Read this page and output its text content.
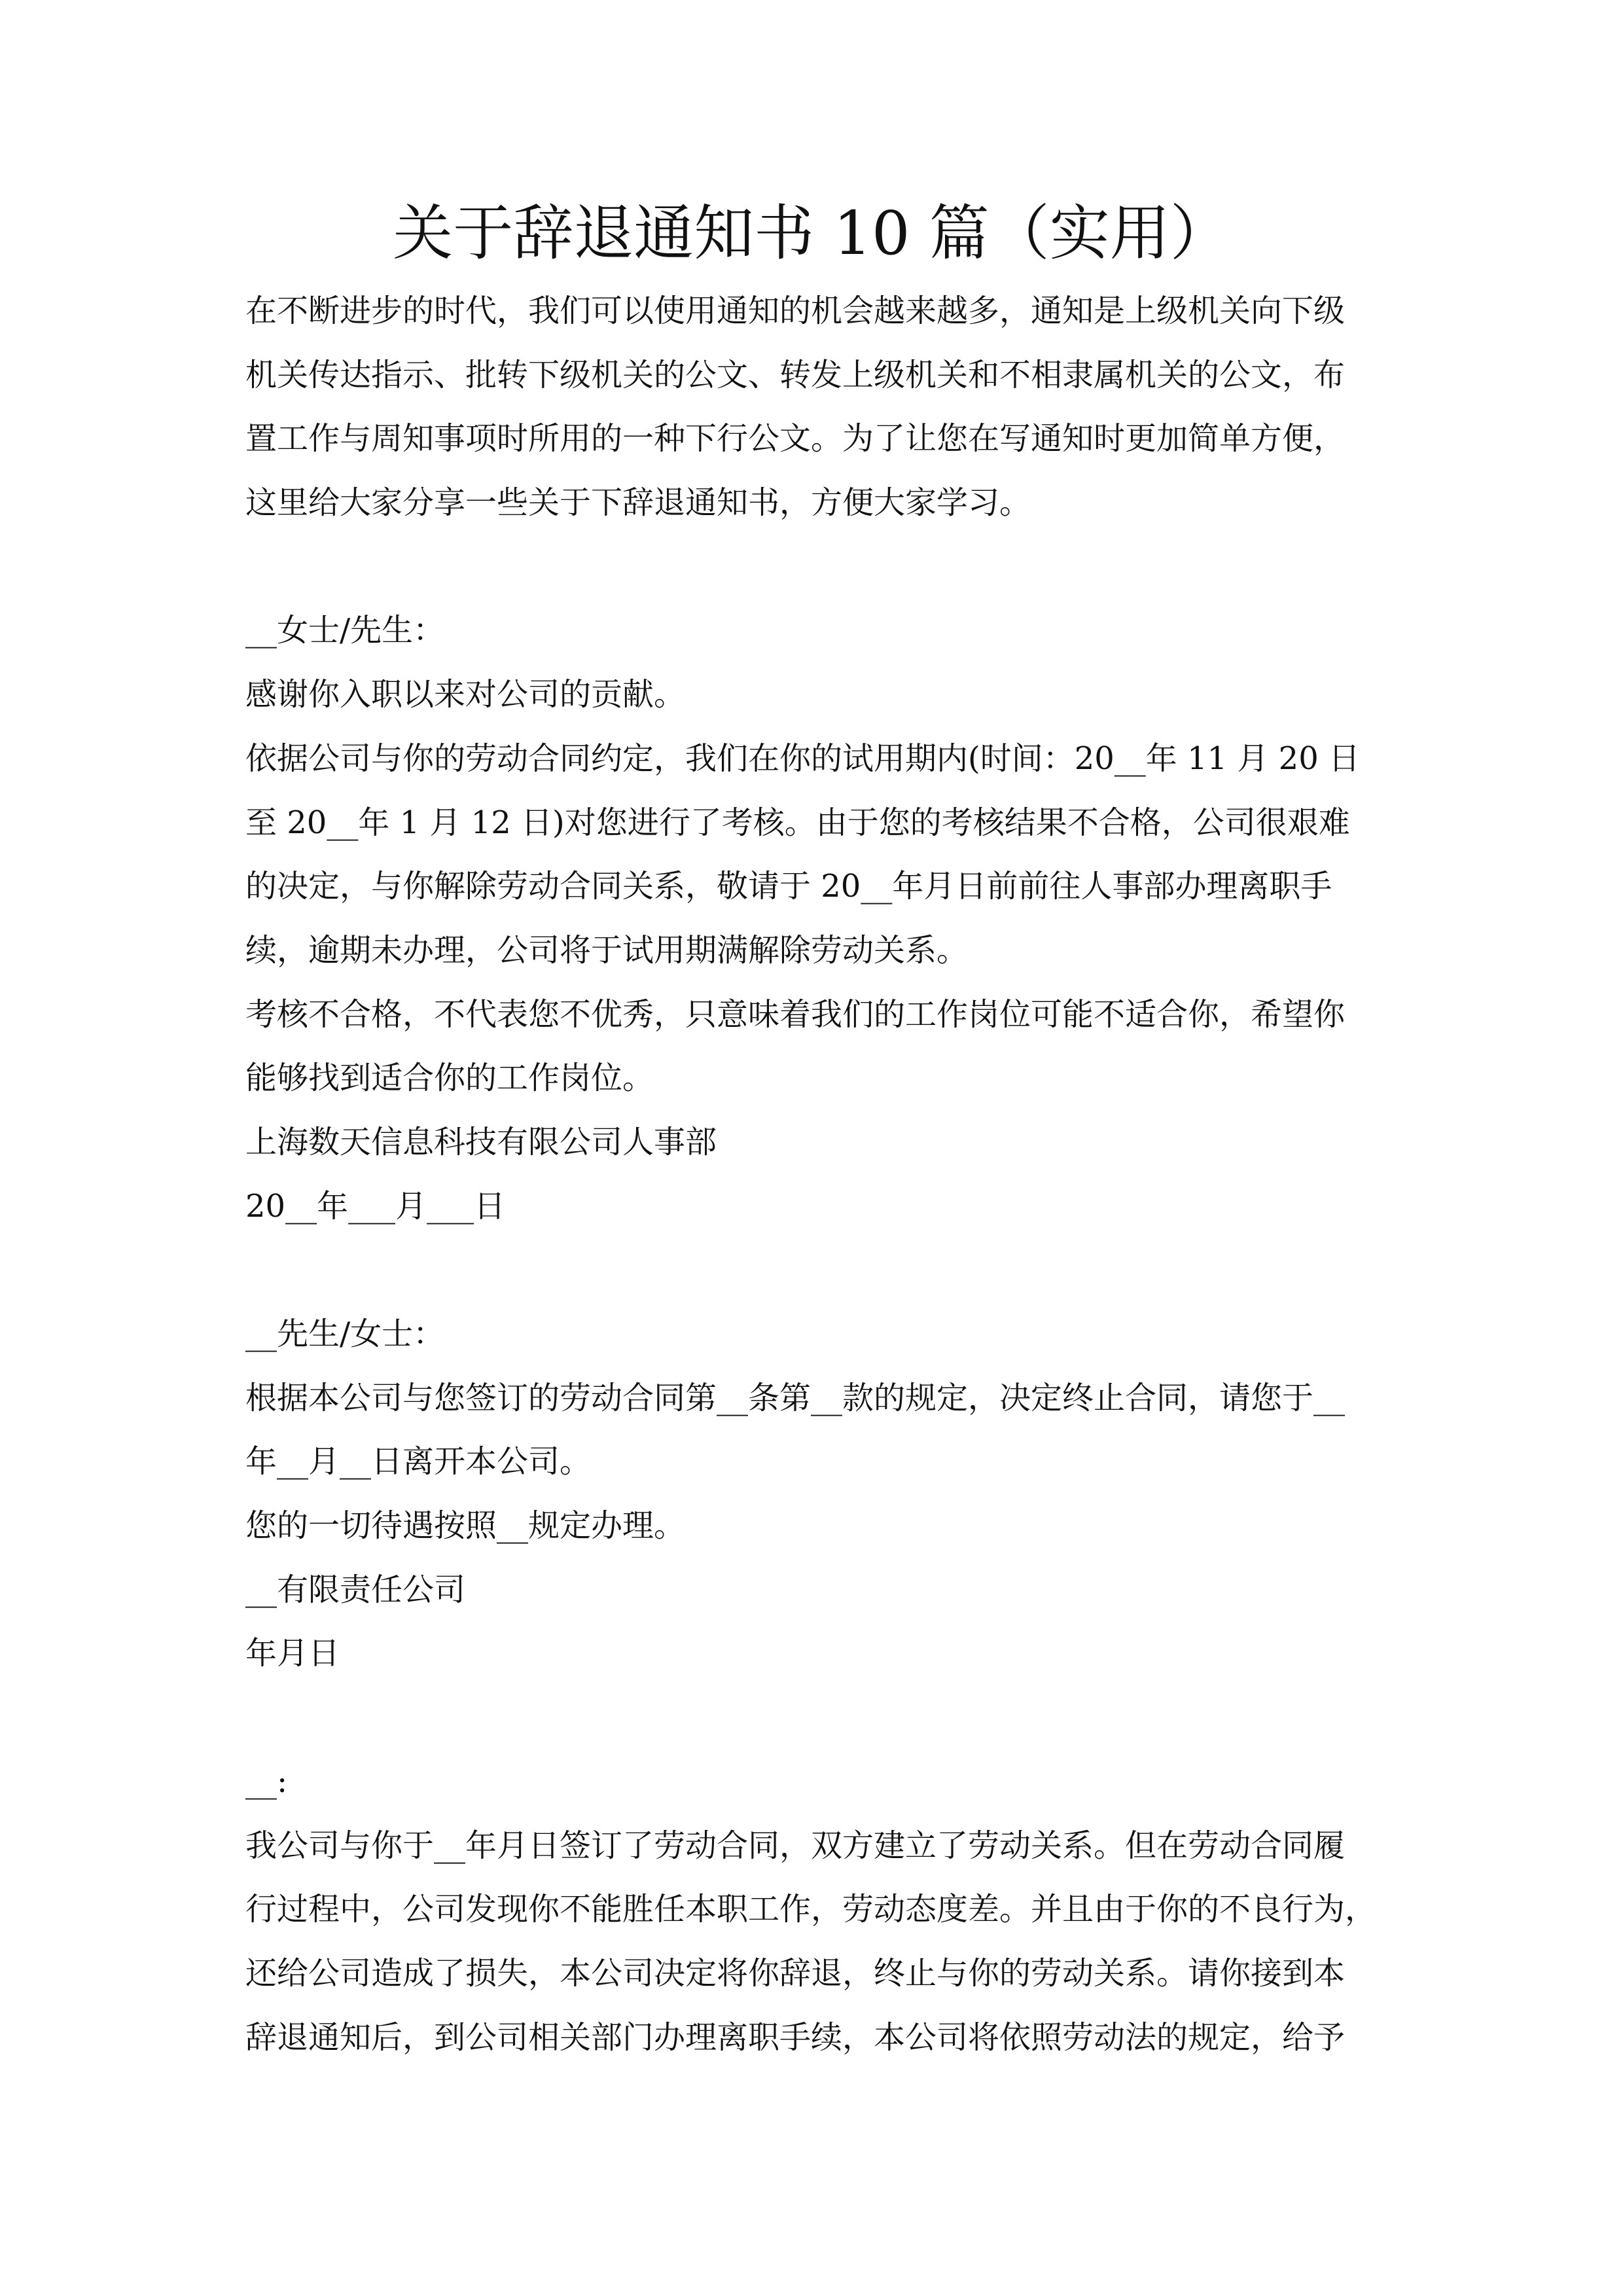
关于辞退通知书 10 篇（实用）
在不断进步的时代，我们可以使用通知的机会越来越多，通知是上级机关向下级
机关传达指示、批转下级机关的公文、转发上级机关和不相隶属机关的公文，布
置工作与周知事项时所用的一种下行公文。为了让您在写通知时更加简单方便，
这里给大家分享一些关于下辞退通知书，方便大家学习。
__女士/先生：
感谢你入职以来对公司的贡献。
依据公司与你的劳动合同约定，我们在你的试用期内(时间：20__年 11 月 20 日
至 20__年 1 月 12 日)对您进行了考核。由于您的考核结果不合格，公司很艰难
的决定，与你解除劳动合同关系，敬请于 20__年月日前前往人事部办理离职手
续，逾期未办理，公司将于试用期满解除劳动关系。
考核不合格，不代表您不优秀，只意味着我们的工作岗位可能不适合你，希望你
能够找到适合你的工作岗位。
上海数天信息科技有限公司人事部
20__年___月___日
__先生/女士：
根据本公司与您签订的劳动合同第__条第__款的规定，决定终止合同，请您于__
年__月__日离开本公司。
您的一切待遇按照__规定办理。
__有限责任公司
年月日
__:
我公司与你于__年月日签订了劳动合同，双方建立了劳动关系。但在劳动合同履
行过程中，公司发现你不能胜任本职工作，劳动态度差。并且由于你的不良行为，
还给公司造成了损失，本公司决定将你辞退，终止与你的劳动关系。请你接到本
辞退通知后，到公司相关部门办理离职手续，本公司将依照劳动法的规定，给予
